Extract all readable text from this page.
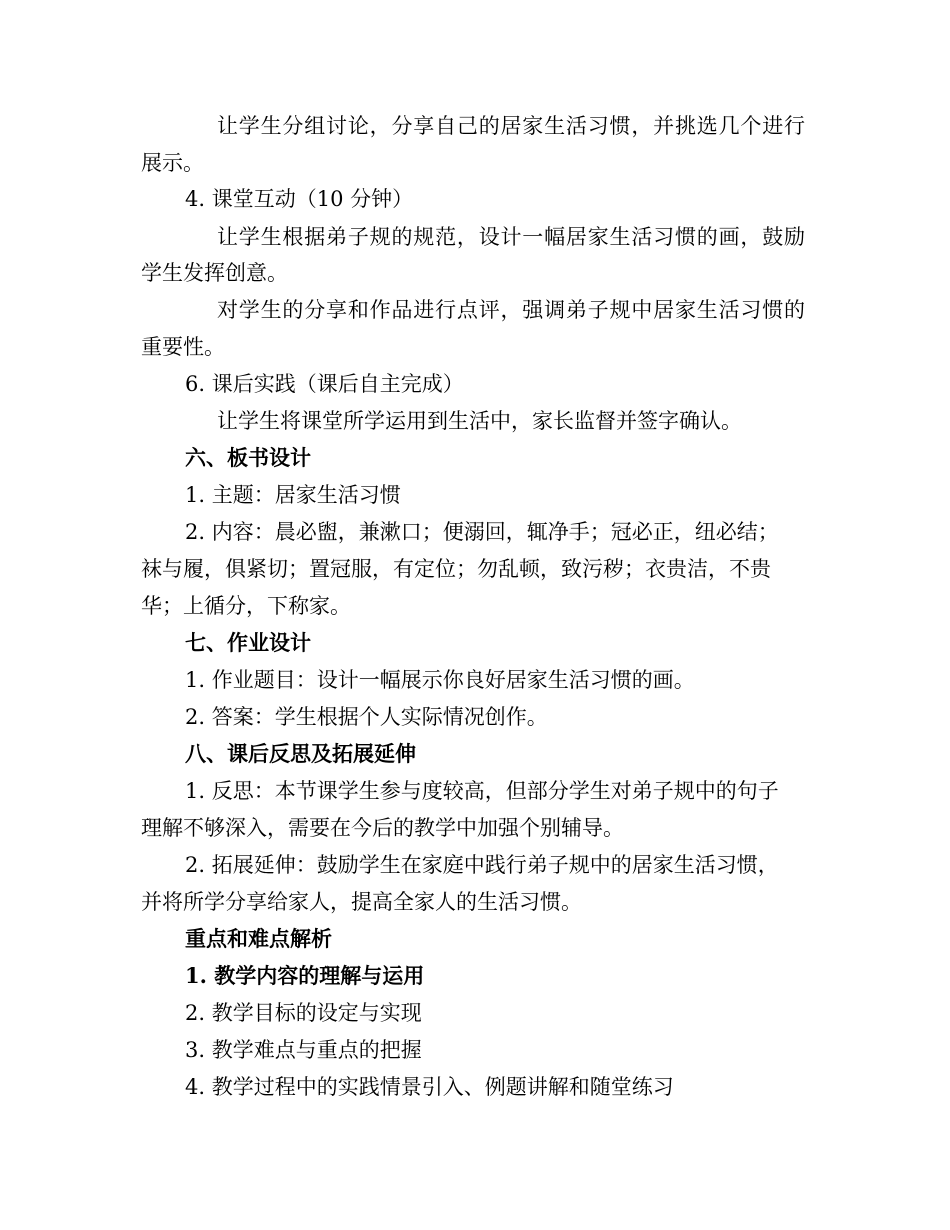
让学生分组讨论，分享自己的居家生活习惯，并挑选几个进行
展示。
4. 课堂互动（10 分钟）
让学生根据弟子规的规范，设计一幅居家生活习惯的画，鼓励
学生发挥创意。
对学生的分享和作品进行点评，强调弟子规中居家生活习惯的
重要性。
6. 课后实践（课后自主完成）
让学生将课堂所学运用到生活中，家长监督并签字确认。
六、板书设计
1. 主题：居家生活习惯
2. 内容：晨必盥，兼漱口；便溺回，辄净手；冠必正，纽必结；
袜与履，俱紧切；置冠服，有定位；勿乱顿，致污秽；衣贵洁，不贵
华；上循分，下称家。
七、作业设计
1. 作业题目：设计一幅展示你良好居家生活习惯的画。
2. 答案：学生根据个人实际情况创作。
八、课后反思及拓展延伸
1. 反思：本节课学生参与度较高，但部分学生对弟子规中的句子
理解不够深入，需要在今后的教学中加强个别辅导。
2. 拓展延伸：鼓励学生在家庭中践行弟子规中的居家生活习惯，
并将所学分享给家人，提高全家人的生活习惯。
重点和难点解析
1. 教学内容的理解与运用
2. 教学目标的设定与实现
3. 教学难点与重点的把握
4. 教学过程中的实践情景引入、例题讲解和随堂练习
